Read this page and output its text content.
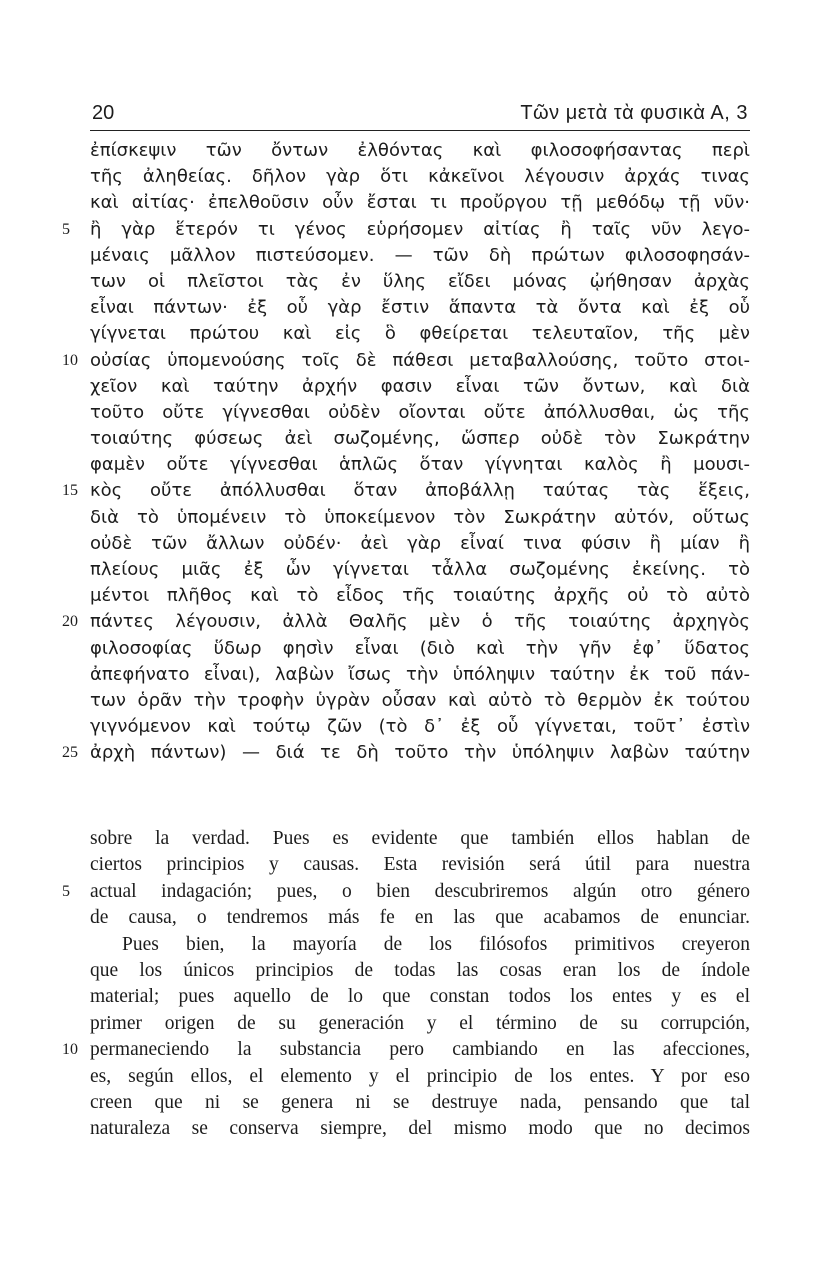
20	Τῶν μετὰ τὰ φυσικὰ Α, 3
ἐπίσκεψιν τῶν ὄντων ἐλθόντας καὶ φιλοσοφήσαντας περὶ
τῆς ἀληθείας. δῆλον γὰρ ὅτι κἀκεῖνοι λέγουσιν ἀρχάς τινας
καὶ αἰτίας· ἐπελθοῦσιν οὖν ἔσται τι προὔργου τῇ μεθόδῳ τῇ νῦν·
5	ἢ γὰρ ἕτερόν τι γένος εὑρήσομεν αἰτίας ἢ ταῖς νῦν λεγο-
μέναις μᾶλλον πιστεύσομεν. — τῶν δὴ πρώτων φιλοσοφησάν-
των οἱ πλεῖστοι τὰς ἐν ὕλης εἴδει μόνας ᾠήθησαν ἀρχὰς
εἶναι πάντων· ἐξ οὗ γὰρ ἔστιν ἅπαντα τὰ ὄντα καὶ ἐξ οὗ
γίγνεται πρώτου καὶ εἰς ὃ φθείρεται τελευταῖον, τῆς μὲν
10 οὐσίας ὑπομενούσης τοῖς δὲ πάθεσι μεταβαλλούσης, τοῦτο στοι-
χεῖον καὶ ταύτην ἀρχήν φασιν εἶναι τῶν ὄντων, καὶ διὰ
τοῦτο οὔτε γίγνεσθαι οὐδὲν οἴονται οὔτε ἀπόλλυσθαι, ὡς τῆς
τοιαύτης φύσεως ἀεὶ σωζομένης, ὥσπερ οὐδὲ τὸν Σωκράτην
φαμὲν οὔτε γίγνεσθαι ἁπλῶς ὅταν γίγνηται καλὸς ἢ μουσι-
15 κὸς οὔτε ἀπόλλυσθαι ὅταν ἀποβάλλῃ ταύτας τὰς ἕξεις,
διὰ τὸ ὑπομένειν τὸ ὑποκείμενον τὸν Σωκράτην αὐτόν, οὕτως
οὐδὲ τῶν ἄλλων οὐδέν· ἀεὶ γὰρ εἶναί τινα φύσιν ἢ μίαν ἢ
πλείους μιᾶς ἐξ ὧν γίγνεται τἆλλα σωζομένης ἐκείνης. τὸ
μέντοι πλῆθος καὶ τὸ εἶδος τῆς τοιαύτης ἀρχῆς οὐ τὸ αὐτὸ
20 πάντες λέγουσιν, ἀλλὰ Θαλῆς μὲν ὁ τῆς τοιαύτης ἀρχηγὸς
φιλοσοφίας ὕδωρ φησὶν εἶναι (διὸ καὶ τὴν γῆν ἐφ᾽ ὕδατος
ἀπεφήνατο εἶναι), λαβὼν ἴσως τὴν ὑπόληψιν ταύτην ἐκ τοῦ πάν-
των ὁρᾶν τὴν τροφὴν ὑγρὰν οὖσαν καὶ αὐτὸ τὸ θερμὸν ἐκ τούτου
γιγνόμενον καὶ τούτῳ ζῶν (τὸ δ᾽ ἐξ οὗ γίγνεται, τοῦτ᾽ ἐστὶν
25 ἀρχὴ πάντων) — διά τε δὴ τοῦτο τὴν ὑπόληψιν λαβὼν ταύτην
sobre la verdad. Pues es evidente que también ellos hablan de
ciertos principios y causas. Esta revisión será útil para nuestra
5	actual indagación; pues, o bien descubriremos algún otro género
de causa, o tendremos más fe en las que acabamos de enunciar.
Pues bien, la mayoría de los filósofos primitivos creyeron
que los únicos principios de todas las cosas eran los de índole
material; pues aquello de lo que constan todos los entes y es el
primer origen de su generación y el término de su corrupción,
10 permaneciendo la substancia pero cambiando en las afecciones,
es, según ellos, el elemento y el principio de los entes. Y por eso
creen que ni se genera ni se destruye nada, pensando que tal
naturaleza se conserva siempre, del mismo modo que no decimos
